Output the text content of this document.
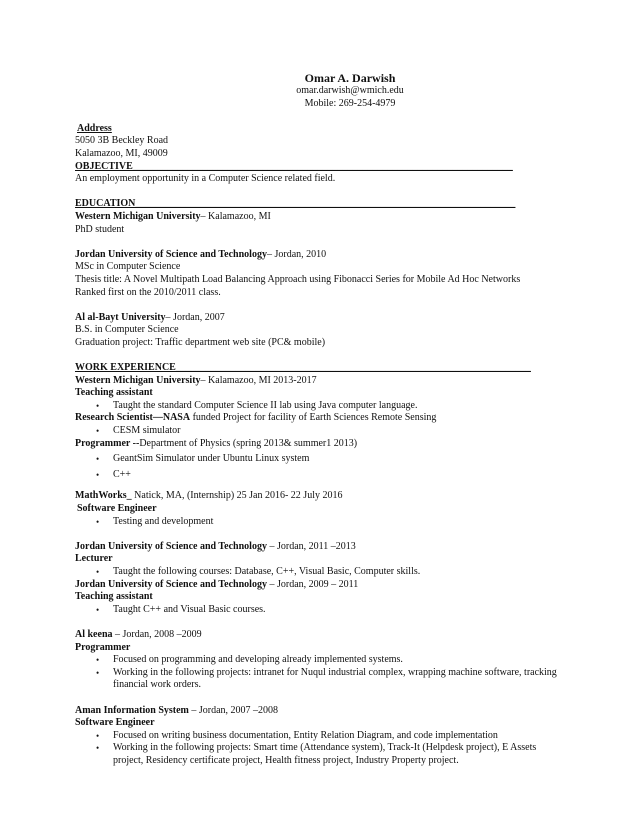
Omar A. Darwish
omar.darwish@wmich.edu
Mobile: 269-254-4979
Address
5050 3B Beckley Road
Kalamazoo, MI, 49009
OBJECTIVE____________________________________________________________________________
An employment opportunity in a Computer Science related field.
EDUCATION____________________________________________________________________________
Western Michigan University– Kalamazoo, MI
PhD student
Jordan University of Science and Technology– Jordan, 2010
MSc in Computer Science
Thesis title: A Novel Multipath Load Balancing Approach using Fibonacci Series for Mobile Ad Hoc Networks
Ranked first on the 2010/2011 class.
Al al-Bayt University– Jordan, 2007
B.S. in Computer Science
Graduation project: Traffic department web site (PC& mobile)
WORK EXPERIENCE_______________________________________________________________________
Western Michigan University– Kalamazoo, MI 2013-2017
Teaching assistant
• Taught the standard Computer Science II lab using Java computer language.
Research Scientist—NASA funded Project for facility of Earth Sciences Remote Sensing
• CESM simulator
Programmer --Department of Physics (spring 2013& summer1 2013)
• GeantSim Simulator under Ubuntu Linux system
• C++
MathWorks_ Natick, MA, (Internship) 25 Jan 2016- 22 July 2016
Software Engineer
• Testing and development
Jordan University of Science and Technology – Jordan, 2011 –2013
Lecturer
• Taught the following courses: Database, C++, Visual Basic, Computer skills.
Jordan University of Science and Technology – Jordan, 2009 – 2011
Teaching assistant
• Taught C++ and Visual Basic courses.
Al keena – Jordan, 2008 –2009
Programmer
• Focused on programming and developing already implemented systems.
• Working in the following projects: intranet for Nuqul industrial complex, wrapping machine software, tracking financial work orders.
Aman Information System – Jordan, 2007 –2008
Software Engineer
• Focused on writing business documentation, Entity Relation Diagram, and code implementation
• Working in the following projects: Smart time (Attendance system), Track-It (Helpdesk project), E Assets project, Residency certificate project, Health fitness project, Industry Property project.
